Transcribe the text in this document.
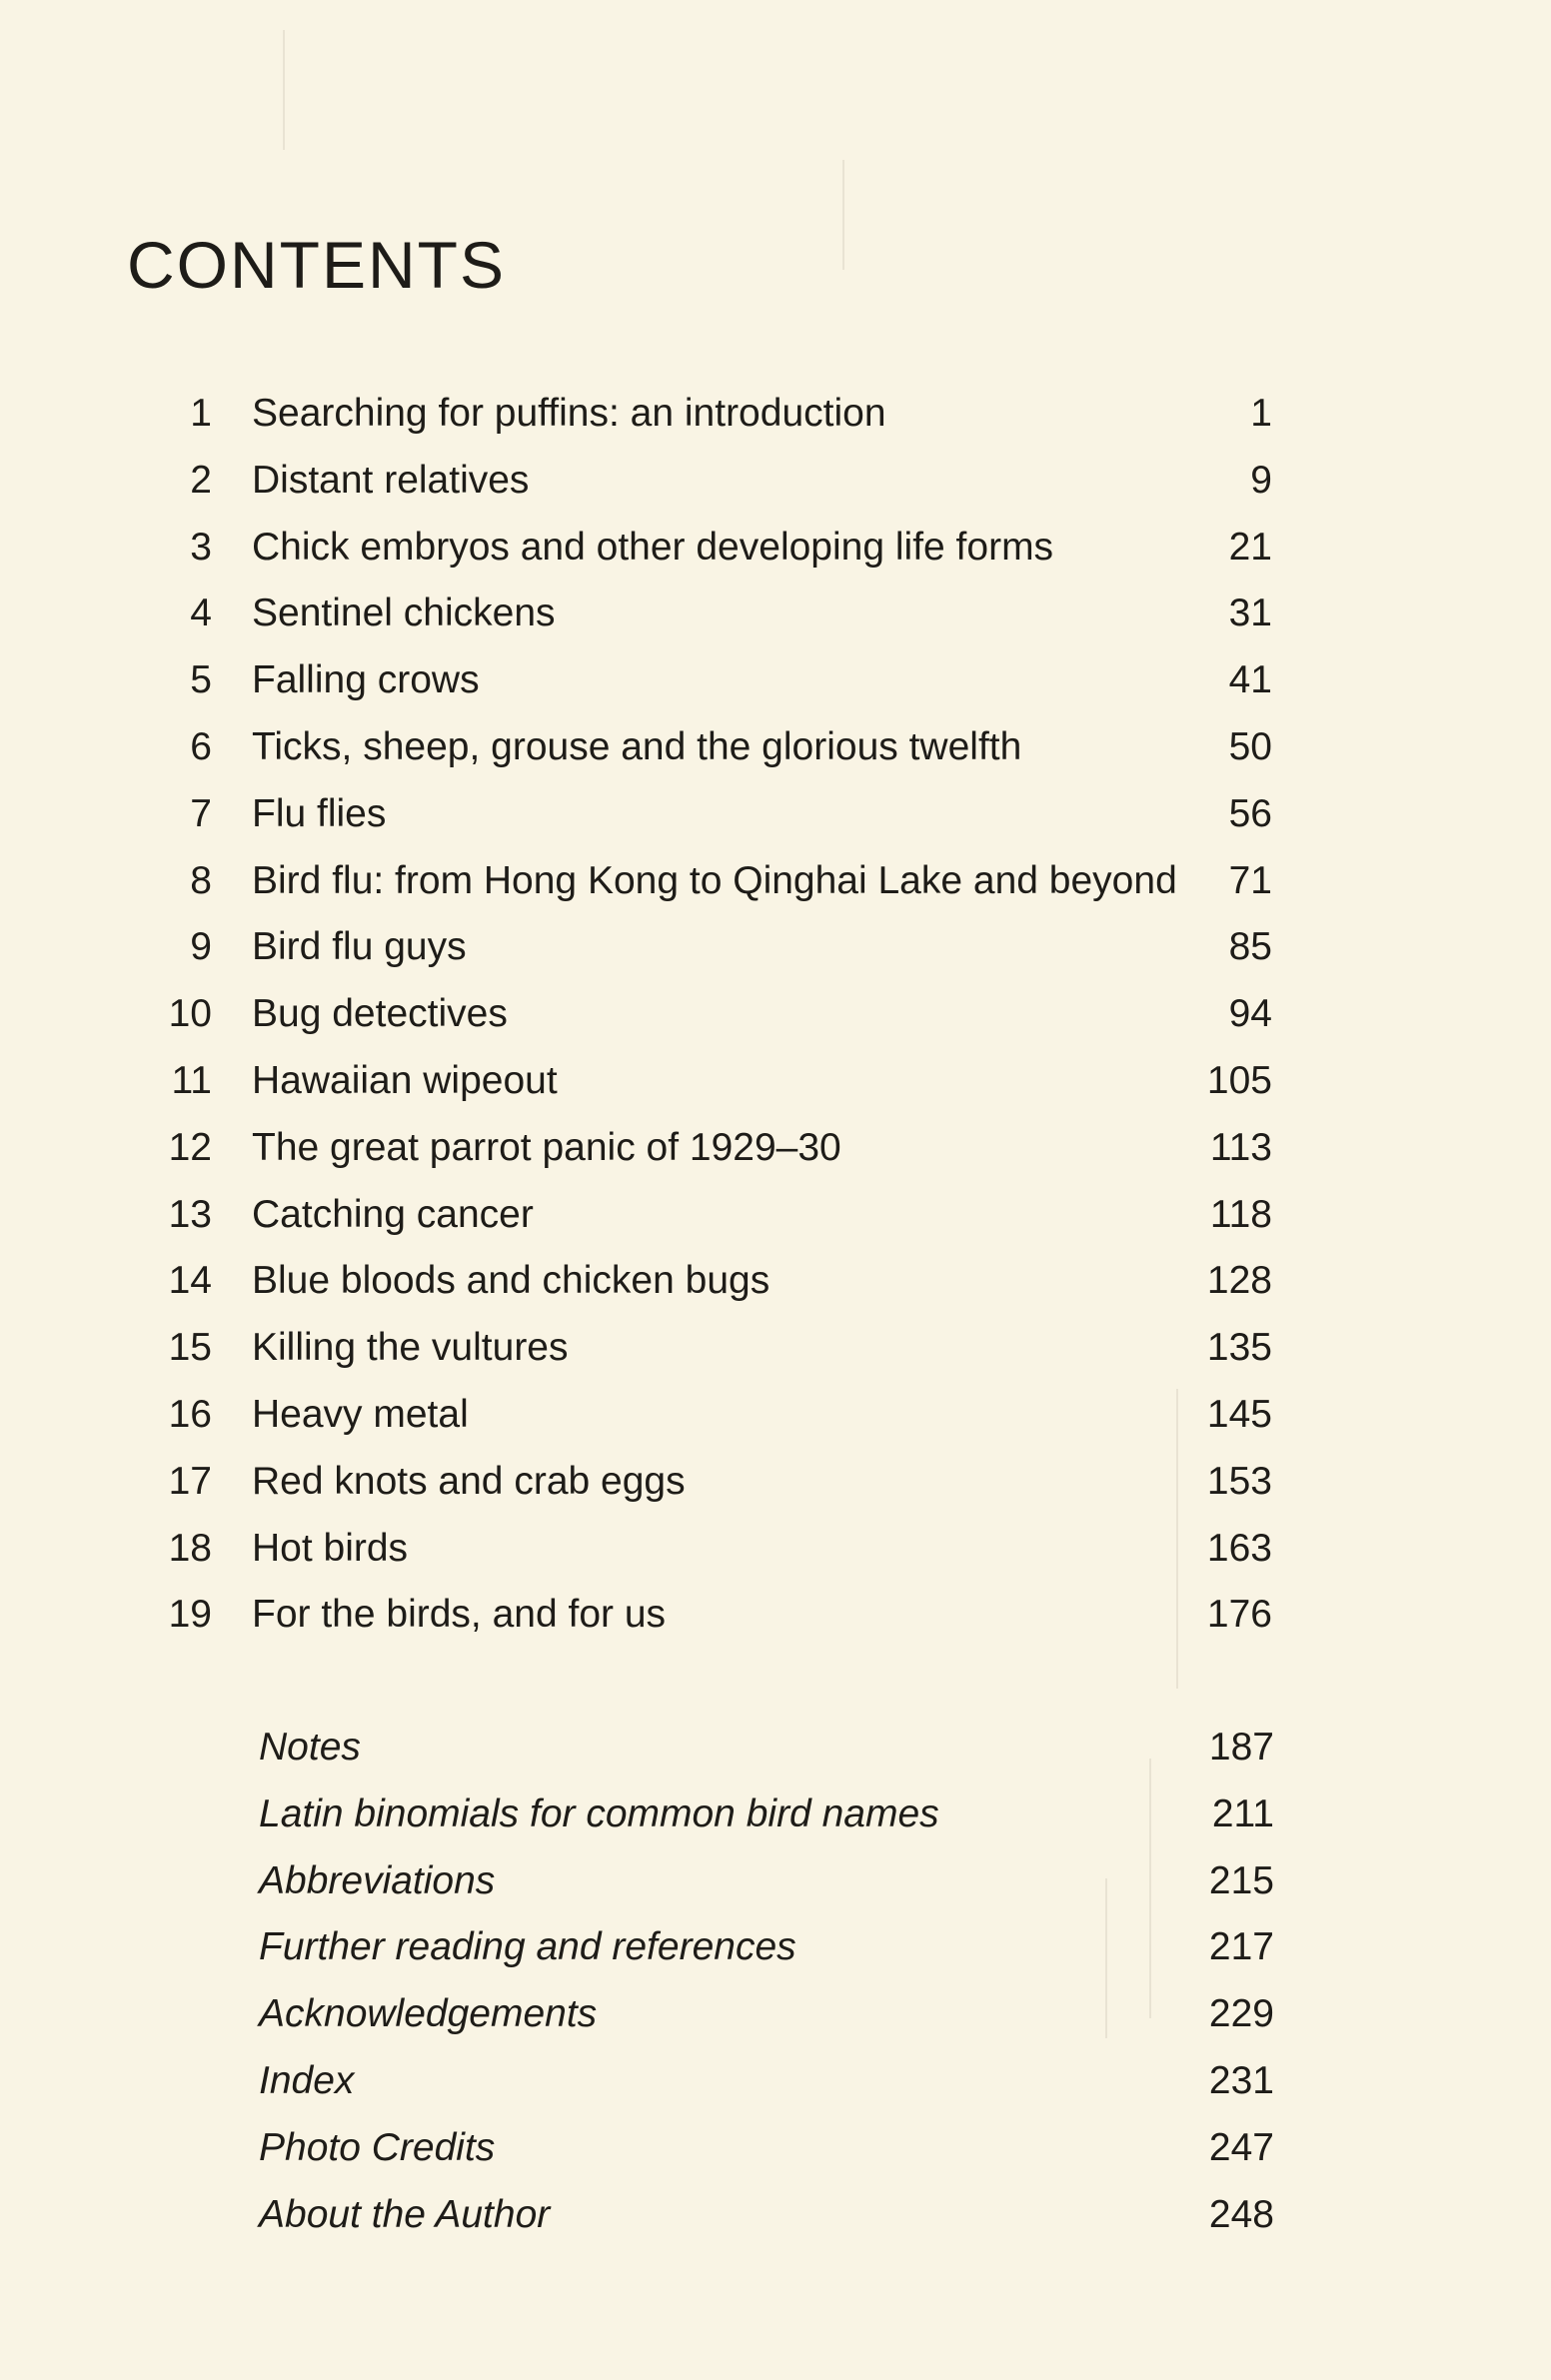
CONTENTS
1 Searching for puffins: an introduction	1
2 Distant relatives	9
3 Chick embryos and other developing life forms	21
4 Sentinel chickens	31
5 Falling crows	41
6 Ticks, sheep, grouse and the glorious twelfth	50
7 Flu flies	56
8 Bird flu: from Hong Kong to Qinghai Lake and beyond 71
9 Bird flu guys	85
10 Bug detectives	94
11 Hawaiian wipeout	105
12 The great parrot panic of 1929–30	113
13 Catching cancer	118
14 Blue bloods and chicken bugs	128
15 Killing the vultures	135
16 Heavy metal	145
17 Red knots and crab eggs	153
18 Hot birds	163
19 For the birds, and for us	176
Notes	187
Latin binomials for common bird names	211
Abbreviations	215
Further reading and references	217
Acknowledgements	229
Index	231
Photo Credits	247
About the Author	248
